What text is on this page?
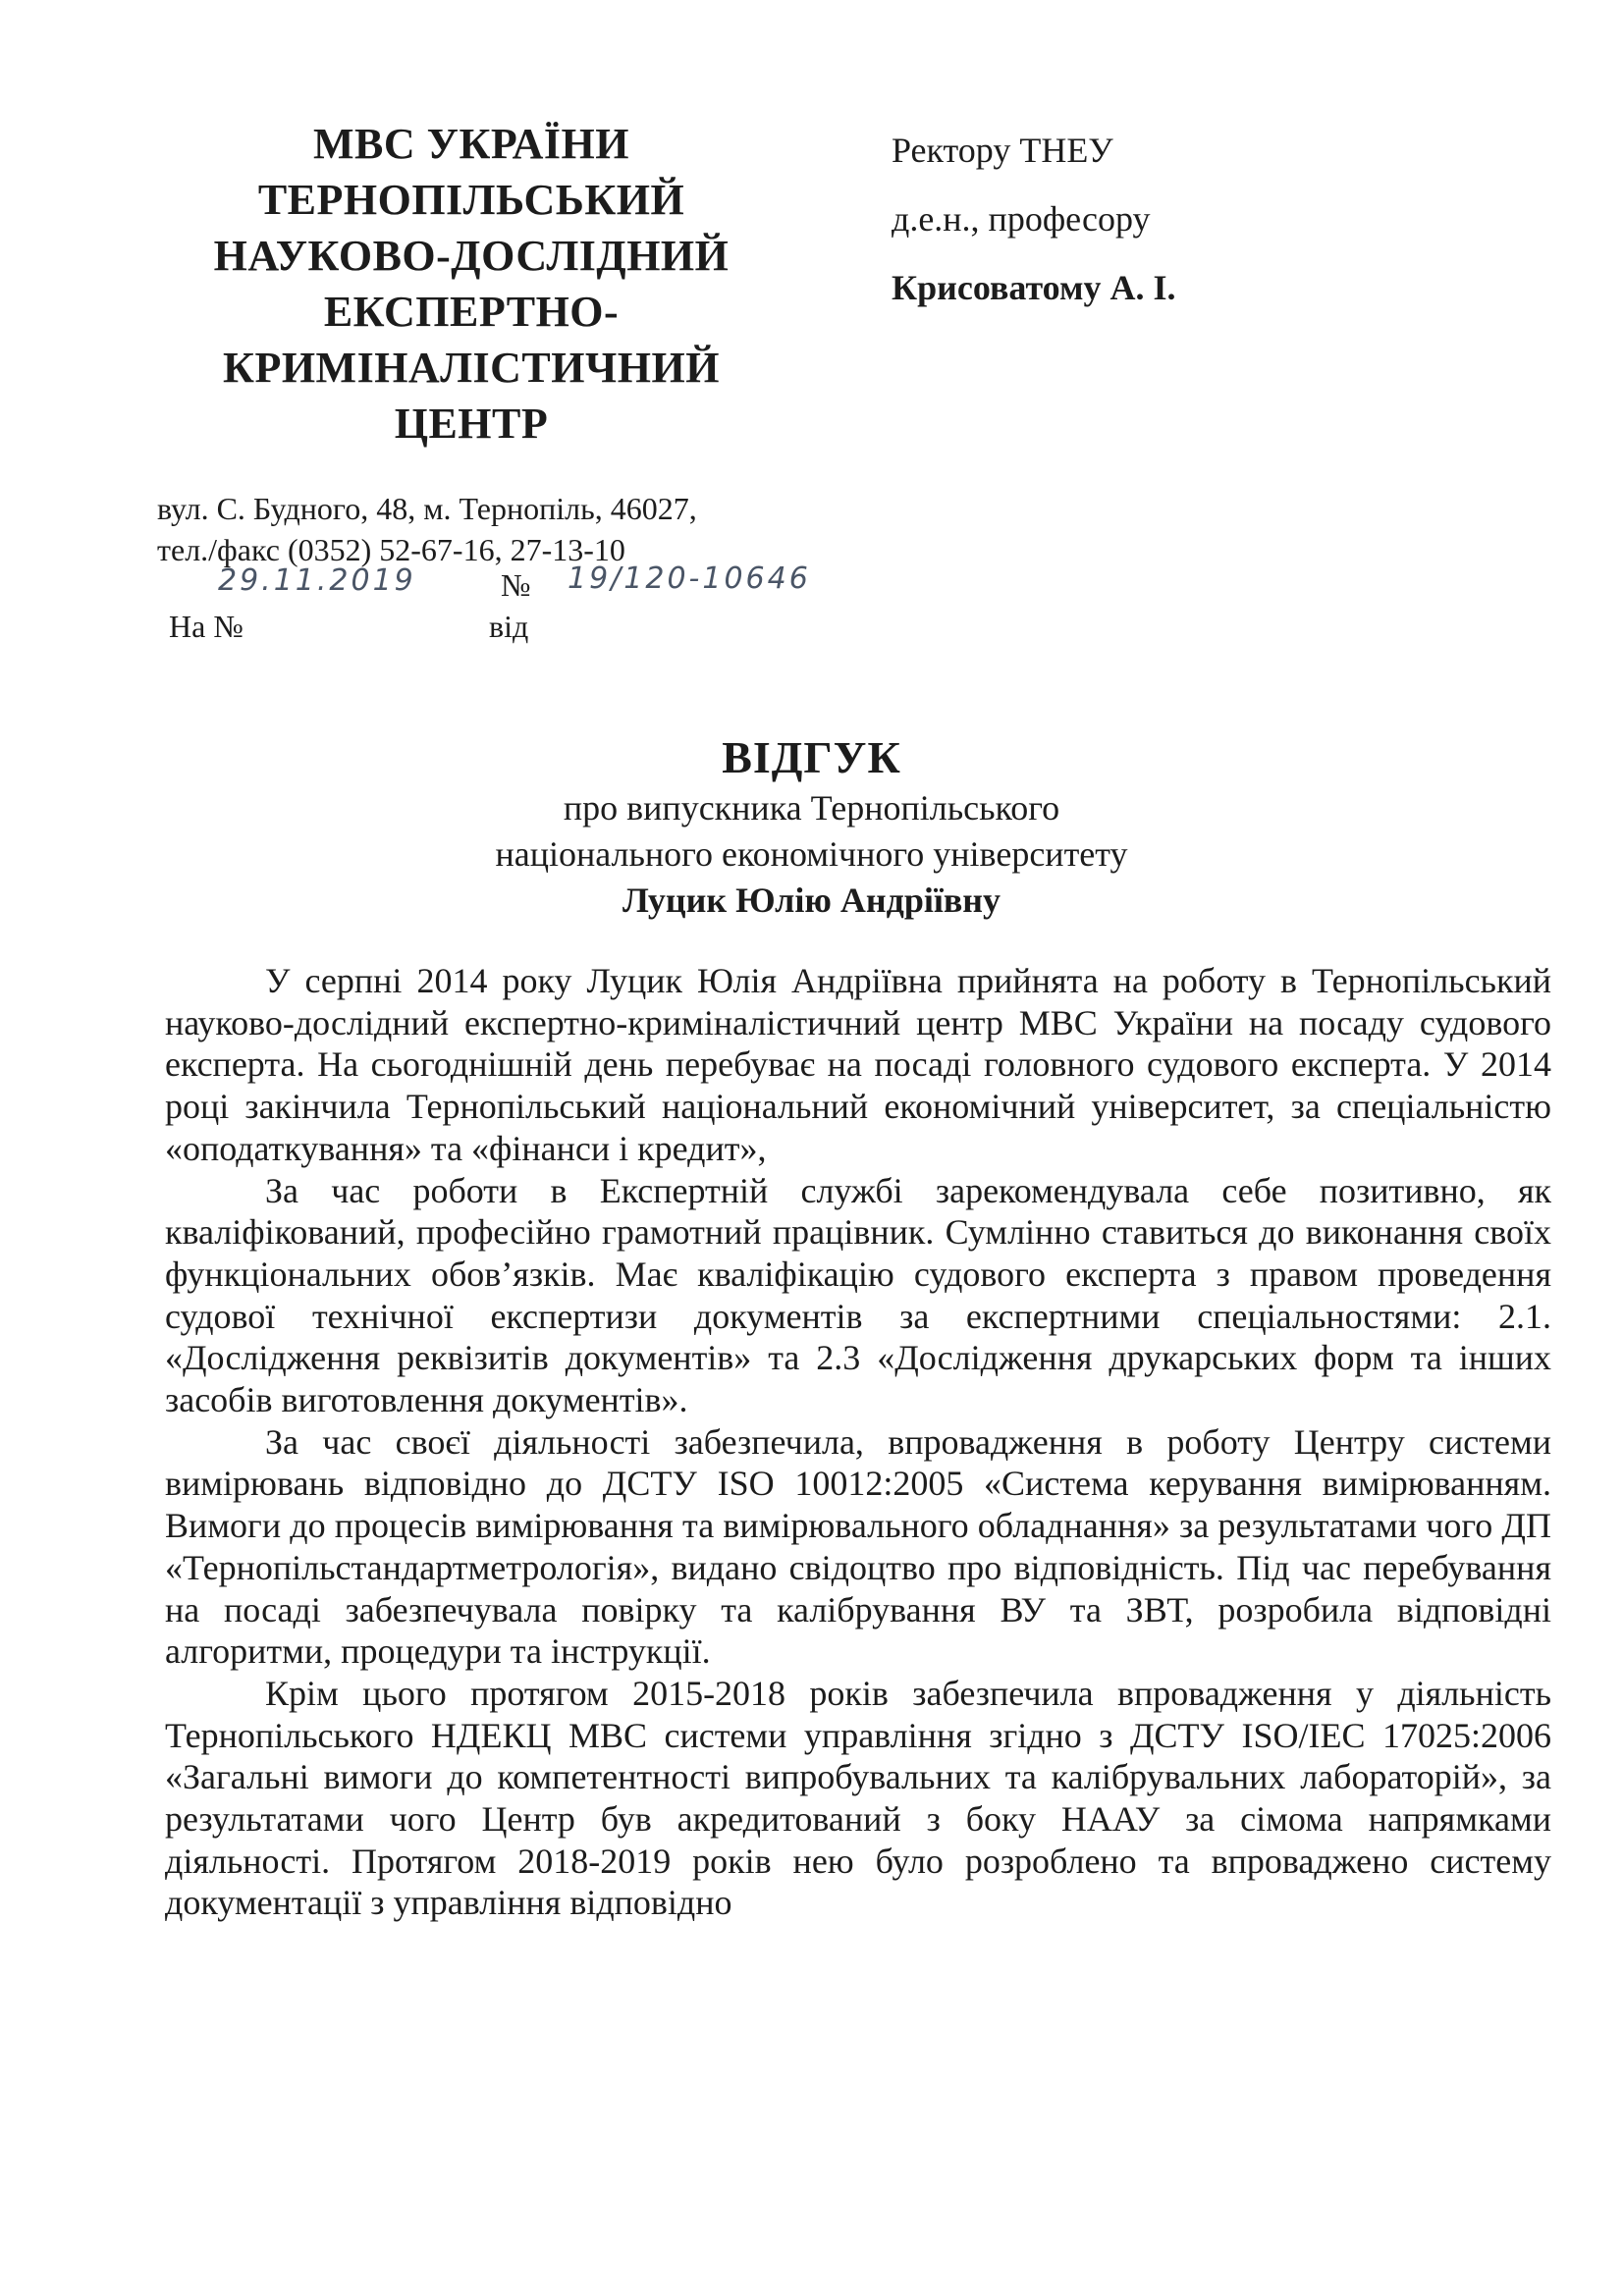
МВС УКРАЇНИ
ТЕРНОПІЛЬСЬКИЙ
НАУКОВО-ДОСЛІДНИЙ
ЕКСПЕРТНО-
КРИМІНАЛІСТИЧНИЙ
ЦЕНТР
Ректору ТНЕУ
д.е.н., професору
Крисоватому А. І.
вул. С. Будного, 48, м. Тернопіль, 46027,
тел./факс (0352) 52-67-16, 27-13-10
29.11.2019	№ 19/120-10646
На №	від
ВІДГУК
про випускника Тернопільського
національного економічного університету
Луцик Юлію Андріївну

У серпні 2014 року Луцик Юлія Андріївна прийнята на роботу в Тернопільський науково-дослідний експертно-криміналістичний центр МВС України на посаду судового експерта. На сьогоднішній день перебуває на посаді головного судового експерта. У 2014 році закінчила Тернопільський національний економічний університет, за спеціальністю «оподаткування» та «фінанси і кредит»,

За час роботи в Експертній службі зарекомендувала себе позитивно, як кваліфікований, професійно грамотний працівник. Сумлінно ставиться до виконання своїх функціональних обов’язків. Має кваліфікацію судового експерта з правом проведення судової технічної експертизи документів за експертними спеціальностями: 2.1. «Дослідження реквізитів документів» та 2.3 «Дослідження друкарських форм та інших засобів виготовлення документів».

За час своєї діяльності забезпечила, впровадження в роботу Центру системи вимірювань відповідно до ДСТУ ISO 10012:2005 «Система керування вимірюванням. Вимоги до процесів вимірювання та вимірювального обладнання» за результатами чого ДП «Тернопільстандартметрологія», видано свідоцтво про відповідність. Під час перебування на посаді забезпечувала повірку та калібрування ВУ та ЗВТ, розробила відповідні алгоритми, процедури та інструкції.

Крім цього протягом 2015-2018 років забезпечила впровадження у діяльність Тернопільського НДЕКЦ МВС системи управління згідно з ДСТУ ISO/IEC 17025:2006 «Загальні вимоги до компетентності випробувальних та калібрувальних лабораторій», за результатами чого Центр був акредитований з боку НААУ за сімома напрямками діяльності. Протягом 2018-2019 років нею було розроблено та впроваджено систему документації з управління відповідно
